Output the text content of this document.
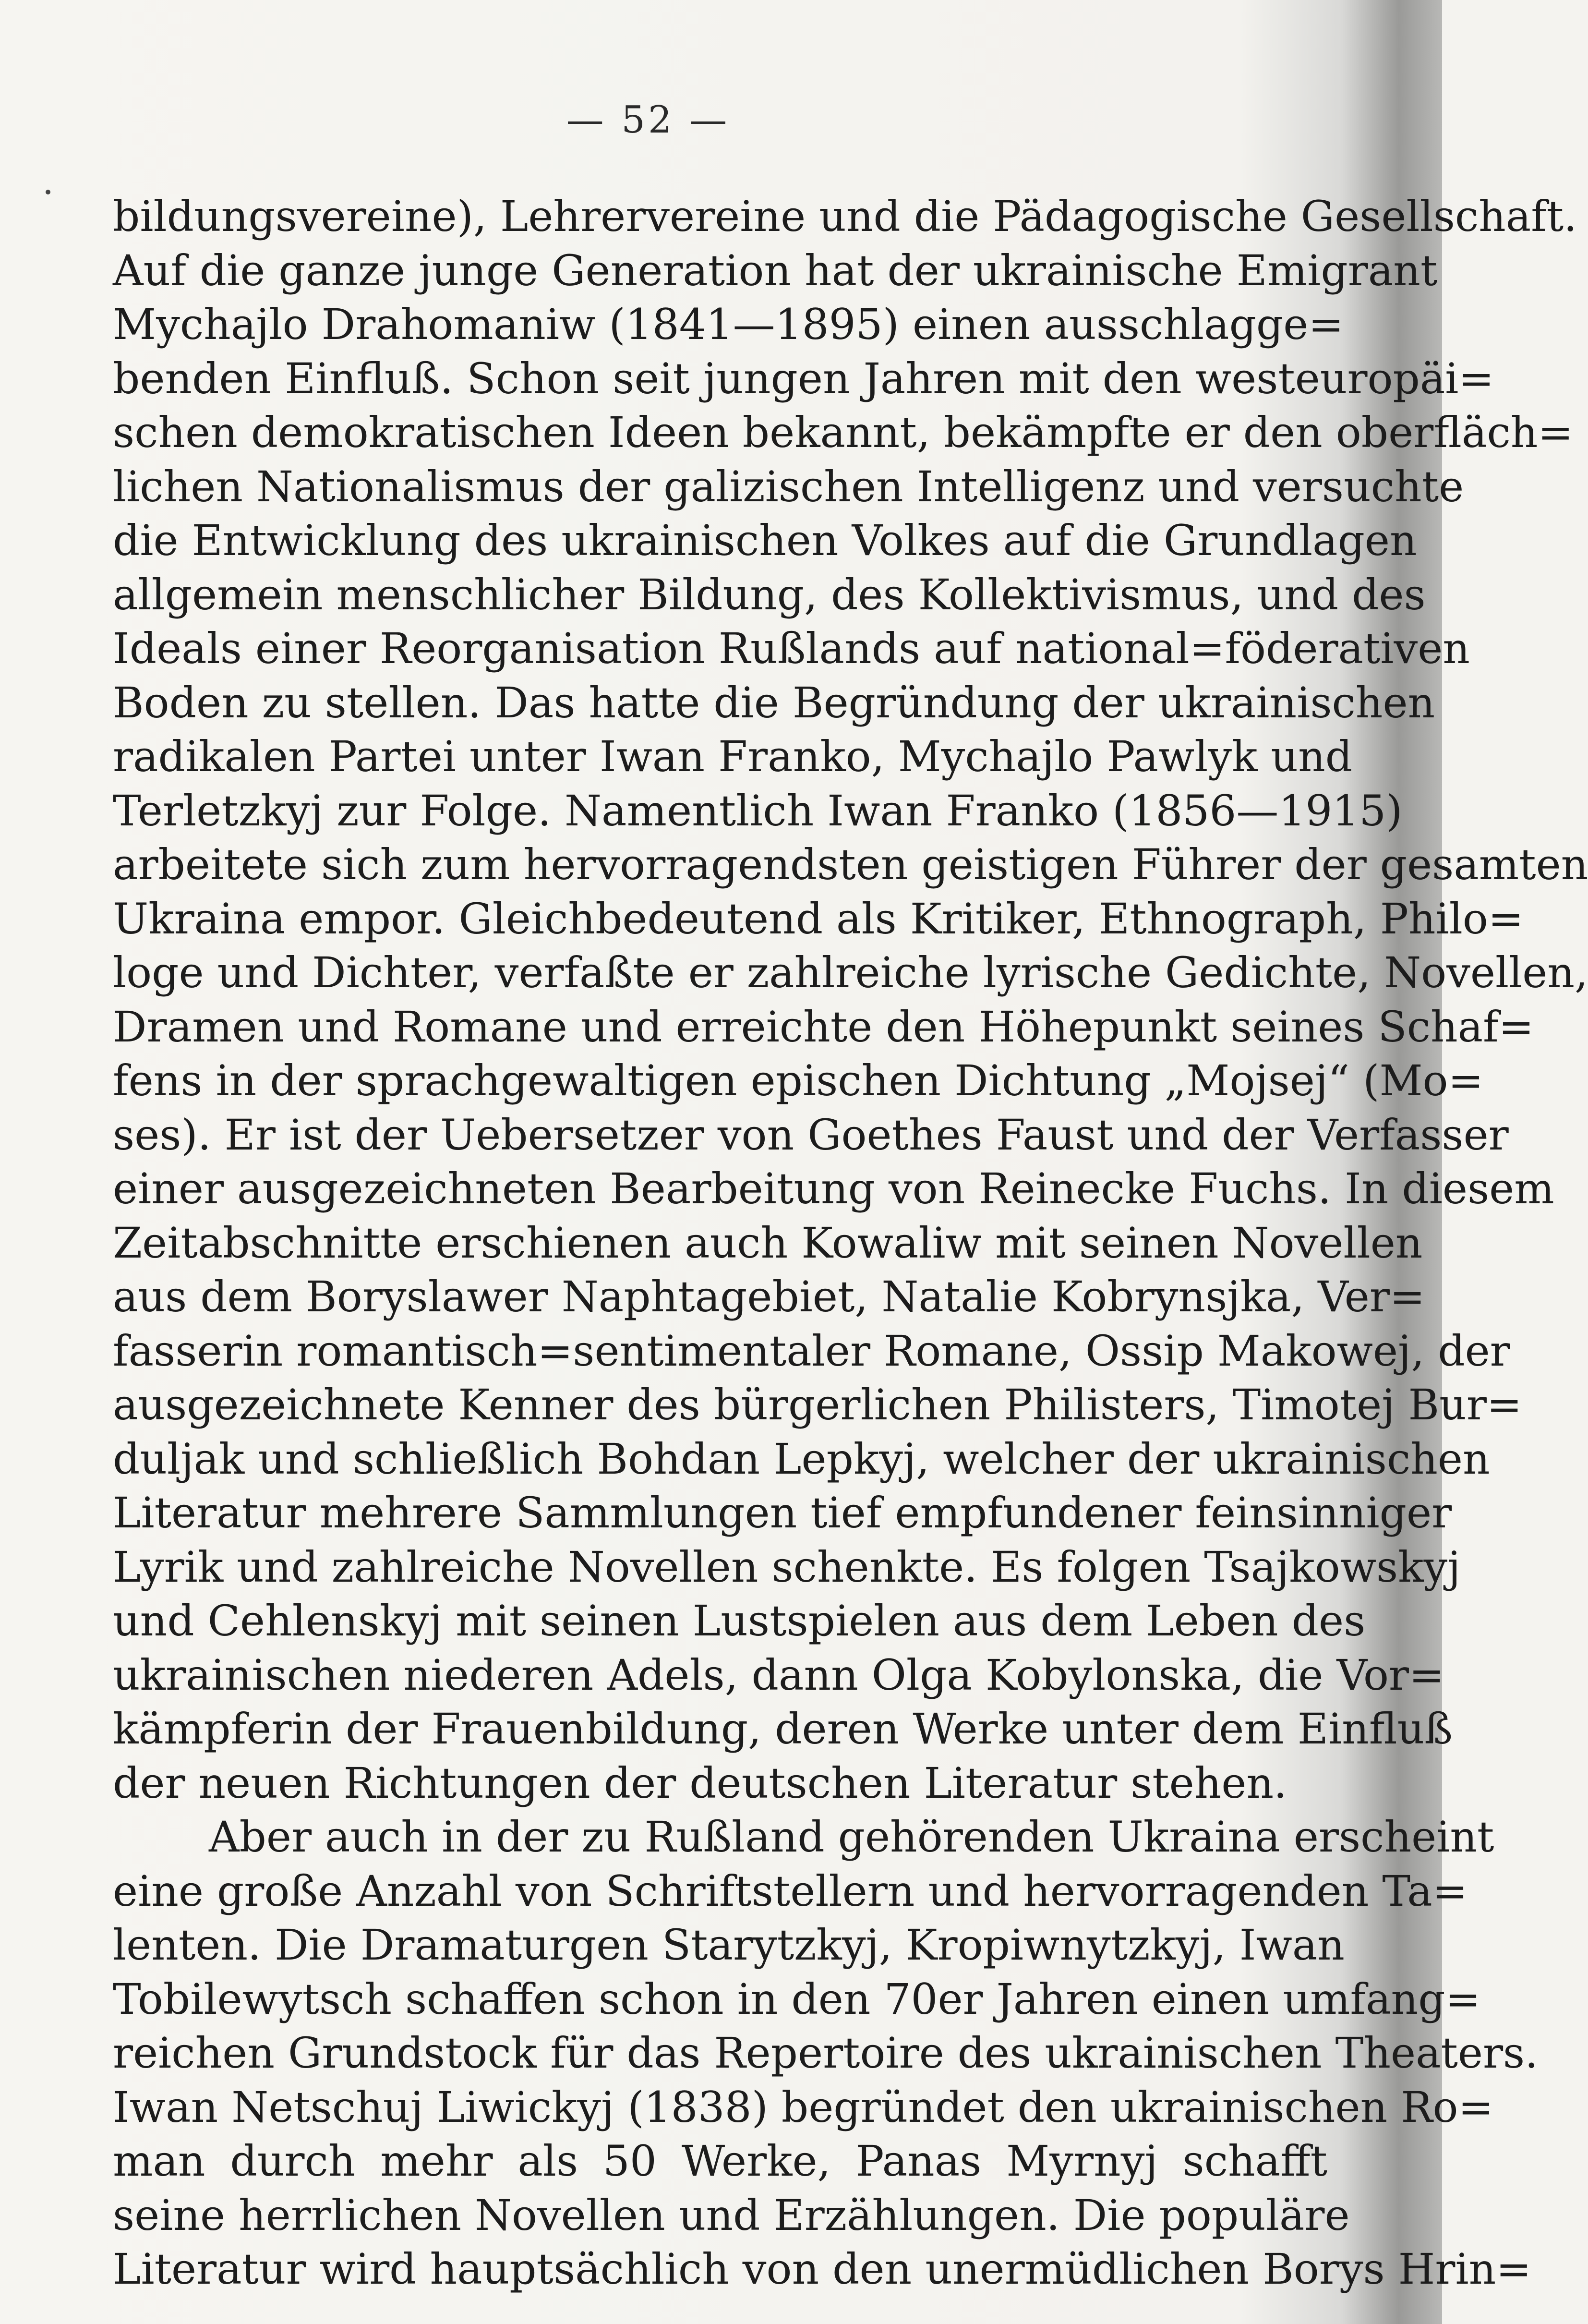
— 52 —
bildungsvereine), Lehrervereine und die Pädagogische Gesellschaft.
Auf die ganze junge Generation hat der ukrainische Emigrant
Mychajlo Drahomaniw (1841—1895) einen ausschlagge=
benden Einfluß. Schon seit jungen Jahren mit den westeuropäi=
schen demokratischen Ideen bekannt, bekämpfte er den oberfläch=
lichen Nationalismus der galizischen Intelligenz und versuchte
die Entwicklung des ukrainischen Volkes auf die Grundlagen
allgemein menschlicher Bildung, des Kollektivismus, und des
Ideals einer Reorganisation Rußlands auf national=föderativen
Boden zu stellen. Das hatte die Begründung der ukrainischen
radikalen Partei unter Iwan Franko, Mychajlo Pawlyk und
Terletzkyj zur Folge. Namentlich Iwan Franko (1856—1915)
arbeitete sich zum hervorragendsten geistigen Führer der gesamten
Ukraina empor. Gleichbedeutend als Kritiker, Ethnograph, Philo=
loge und Dichter, verfaßte er zahlreiche lyrische Gedichte, Novellen,
Dramen und Romane und erreichte den Höhepunkt seines Schaf=
fens in der sprachgewaltigen epischen Dichtung „Mojsej“ (Mo=
ses). Er ist der Uebersetzer von Goethes Faust und der Verfasser
einer ausgezeichneten Bearbeitung von Reinecke Fuchs. In diesem
Zeitabschnitte erschienen auch Kowaliw mit seinen Novellen
aus dem Boryslawer Naphtagebiet, Natalie Kobrynsjka, Ver=
fasserin romantisch=sentimentaler Romane, Ossip Makowej, der
ausgezeichnete Kenner des bürgerlichen Philisters, Timotej Bur=
duljak und schließlich Bohdan Lepkyj, welcher der ukrainischen
Literatur mehrere Sammlungen tief empfundener feinsinniger
Lyrik und zahlreiche Novellen schenkte. Es folgen Tsajkowskyj
und Cehlenskyj mit seinen Lustspielen aus dem Leben des
ukrainischen niederen Adels, dann Olga Kobylonska, die Vor=
kämpferin der Frauenbildung, deren Werke unter dem Einfluß
der neuen Richtungen der deutschen Literatur stehen.
Aber auch in der zu Rußland gehörenden Ukraina erscheint
eine große Anzahl von Schriftstellern und hervorragenden Ta=
lenten. Die Dramaturgen Starytzkyj, Kropiwnytzkyj, Iwan
Tobilewytsch schaffen schon in den 70er Jahren einen umfang=
reichen Grundstock für das Repertoire des ukrainischen Theaters.
Iwan Netschuj Liwickyj (1838) begründet den ukrainischen Ro=
man durch mehr als 50 Werke, Panas Myrnyj schafft
seine herrlichen Novellen und Erzählungen. Die populäre
Literatur wird hauptsächlich von den unermüdlichen Borys Hrin=
